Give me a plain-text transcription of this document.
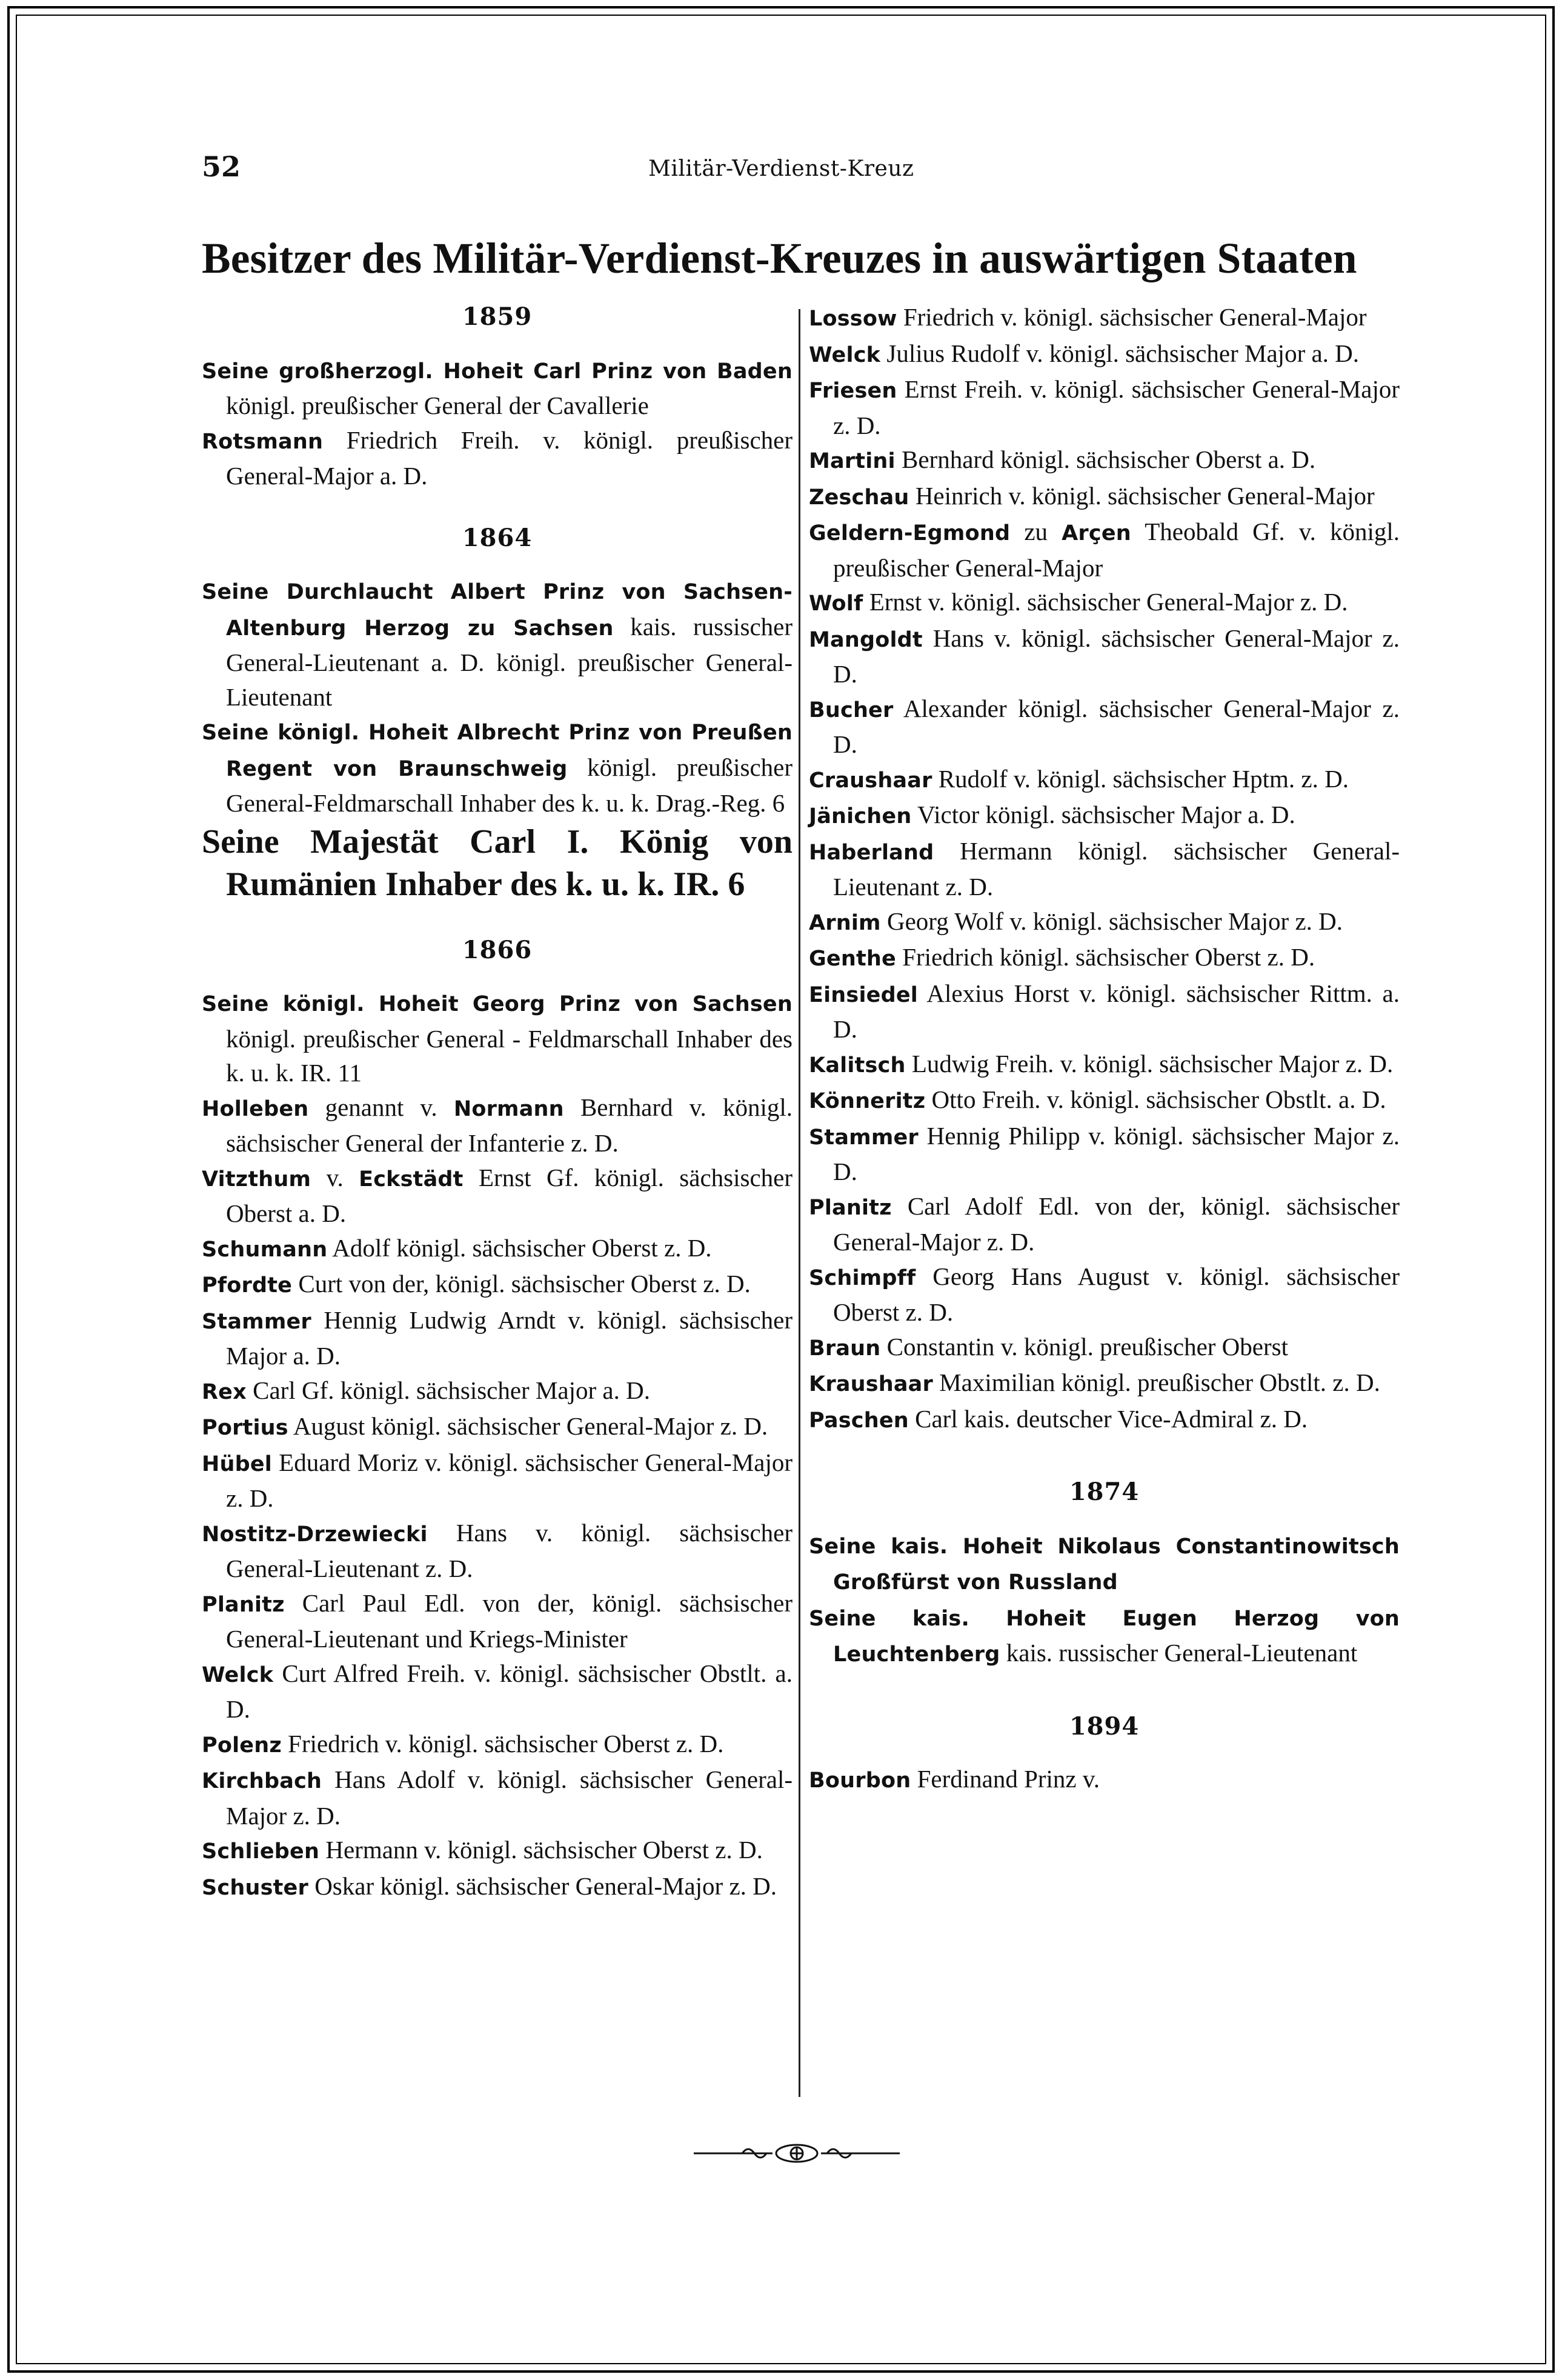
52	Militär-Verdienst-Kreuz
Besitzer des Militär-Verdienst-Kreuzes in auswärtigen Staaten

1859

Seine großherzogl. Hoheit Carl Prinz von Baden königl. preußischer General der Cavallerie

Rotsmann Friedrich Freih. v. königl. preußischer General-Major a. D.

1864

Seine Durchlaucht Albert Prinz von Sachsen-Altenburg Herzog zu Sachsen kais. russischer General-Lieutenant a. D. königl. preußischer General-Lieutenant

Seine königl. Hoheit Albrecht Prinz von Preußen Regent von Braunschweig königl. preußischer General-Feldmarschall Inhaber des k. u. k. Drag.-Reg. 6

Seine Majestät Carl I. König von Rumänien Inhaber des k. u. k. IR. 6

1866

Seine königl. Hoheit Georg Prinz von Sachsen königl. preußischer General - Feldmarschall Inhaber des k. u. k. IR. 11

Holleben genannt v. Normann Bernhard v. königl. sächsischer General der Infanterie z. D.

Vitzthum v. Eckstädt Ernst Gf. königl. sächsischer Oberst a. D.

Schumann Adolf königl. sächsischer Oberst z. D.

Pfordte Curt von der, königl. sächsischer Oberst z. D.

Stammer Hennig Ludwig Arndt v. königl. sächsischer Major a. D.

Rex Carl Gf. königl. sächsischer Major a. D.

Portius August königl. sächsischer General-Major z. D.

Hübel Eduard Moriz v. königl. sächsischer General-Major z. D.

Nostitz-Drzewiecki Hans v. königl. sächsischer General-Lieutenant z. D.

Planitz Carl Paul Edl. von der, königl. sächsischer General-Lieutenant und Kriegs-Minister

Welck Curt Alfred Freih. v. königl. sächsischer Obstlt. a. D.

Polenz Friedrich v. königl. sächsischer Oberst z. D.

Kirchbach Hans Adolf v. königl. sächsischer General-Major z. D.

Schlieben Hermann v. königl. sächsischer Oberst z. D.

Schuster Oskar königl. sächsischer General-Major z. D.

Lossow Friedrich v. königl. sächsischer General-Major

Welck Julius Rudolf v. königl. sächsischer Major a. D.

Friesen Ernst Freih. v. königl. sächsischer General-Major z. D.

Martini Bernhard königl. sächsischer Oberst a. D.

Zeschau Heinrich v. königl. sächsischer General-Major

Geldern-Egmond zu Arçen Theobald Gf. v. königl. preußischer General-Major

Wolf Ernst v. königl. sächsischer General-Major z. D.

Mangoldt Hans v. königl. sächsischer General-Major z. D.

Bucher Alexander königl. sächsischer General-Major z. D.

Craushaar Rudolf v. königl. sächsischer Hptm. z. D.

Jänichen Victor königl. sächsischer Major a. D.

Haberland Hermann königl. sächsischer General-Lieutenant z. D.

Arnim Georg Wolf v. königl. sächsischer Major z. D.

Genthe Friedrich königl. sächsischer Oberst z. D.

Einsiedel Alexius Horst v. königl. sächsischer Rittm. a. D.

Kalitsch Ludwig Freih. v. königl. sächsischer Major z. D.

Könneritz Otto Freih. v. königl. sächsischer Obstlt. a. D.

Stammer Hennig Philipp v. königl. sächsischer Major z. D.

Planitz Carl Adolf Edl. von der, königl. sächsischer General-Major z. D.

Schimpff Georg Hans August v. königl. sächsischer Oberst z. D.

Braun Constantin v. königl. preußischer Oberst

Kraushaar Maximilian königl. preußischer Obstlt. z. D.

Paschen Carl kais. deutscher Vice-Admiral z. D.

1874

Seine kais. Hoheit Nikolaus Constantinowitsch Großfürst von Russland

Seine kais. Hoheit Eugen Herzog von Leuchtenberg kais. russischer General-Lieutenant

1894

Bourbon Ferdinand Prinz v.
